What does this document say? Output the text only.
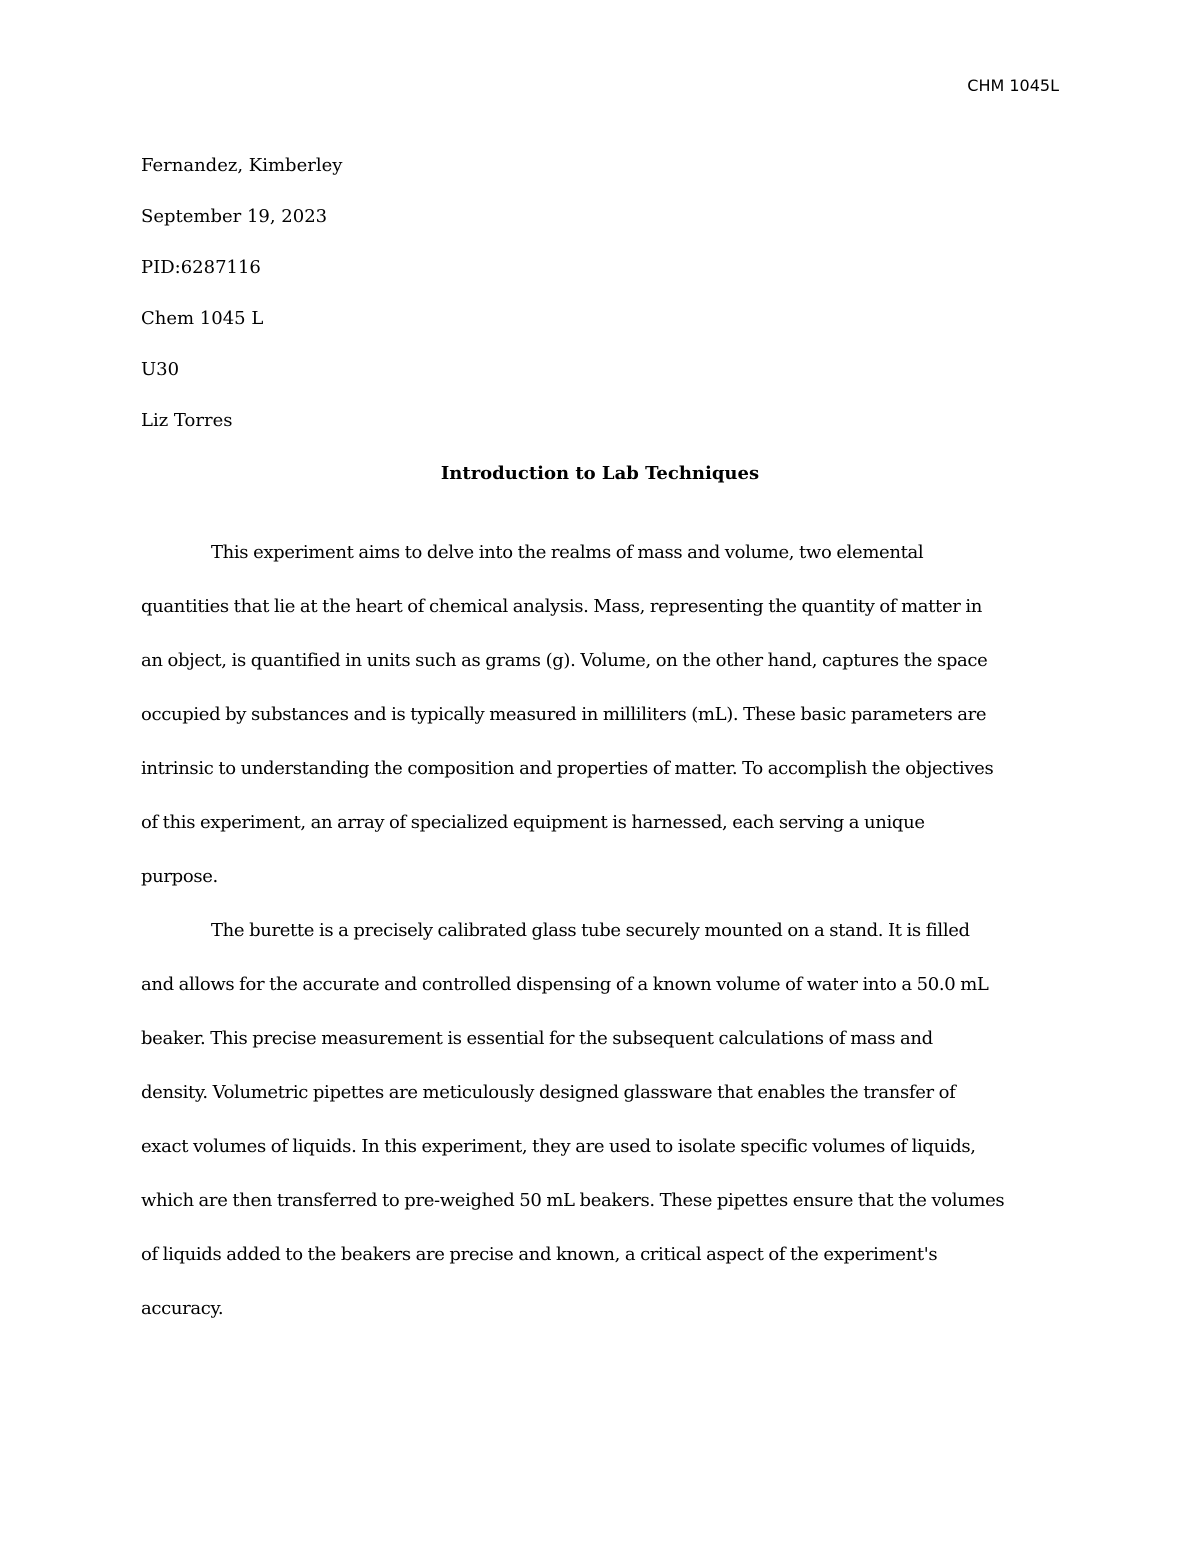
CHM 1045L
Fernandez, Kimberley
September 19, 2023
PID:6287116
Chem 1045 L
U30
Liz Torres
Introduction to Lab Techniques
This experiment aims to delve into the realms of mass and volume, two elemental
quantities that lie at the heart of chemical analysis. Mass, representing the quantity of matter in
an object, is quantified in units such as grams (g). Volume, on the other hand, captures the space
occupied by substances and is typically measured in milliliters (mL). These basic parameters are
intrinsic to understanding the composition and properties of matter. To accomplish the objectives
of this experiment, an array of specialized equipment is harnessed, each serving a unique
purpose.
The burette is a precisely calibrated glass tube securely mounted on a stand. It is filled
and allows for the accurate and controlled dispensing of a known volume of water into a 50.0 mL
beaker. This precise measurement is essential for the subsequent calculations of mass and
density. Volumetric pipettes are meticulously designed glassware that enables the transfer of
exact volumes of liquids. In this experiment, they are used to isolate specific volumes of liquids,
which are then transferred to pre-weighed 50 mL beakers. These pipettes ensure that the volumes
of liquids added to the beakers are precise and known, a critical aspect of the experiment's
accuracy.
